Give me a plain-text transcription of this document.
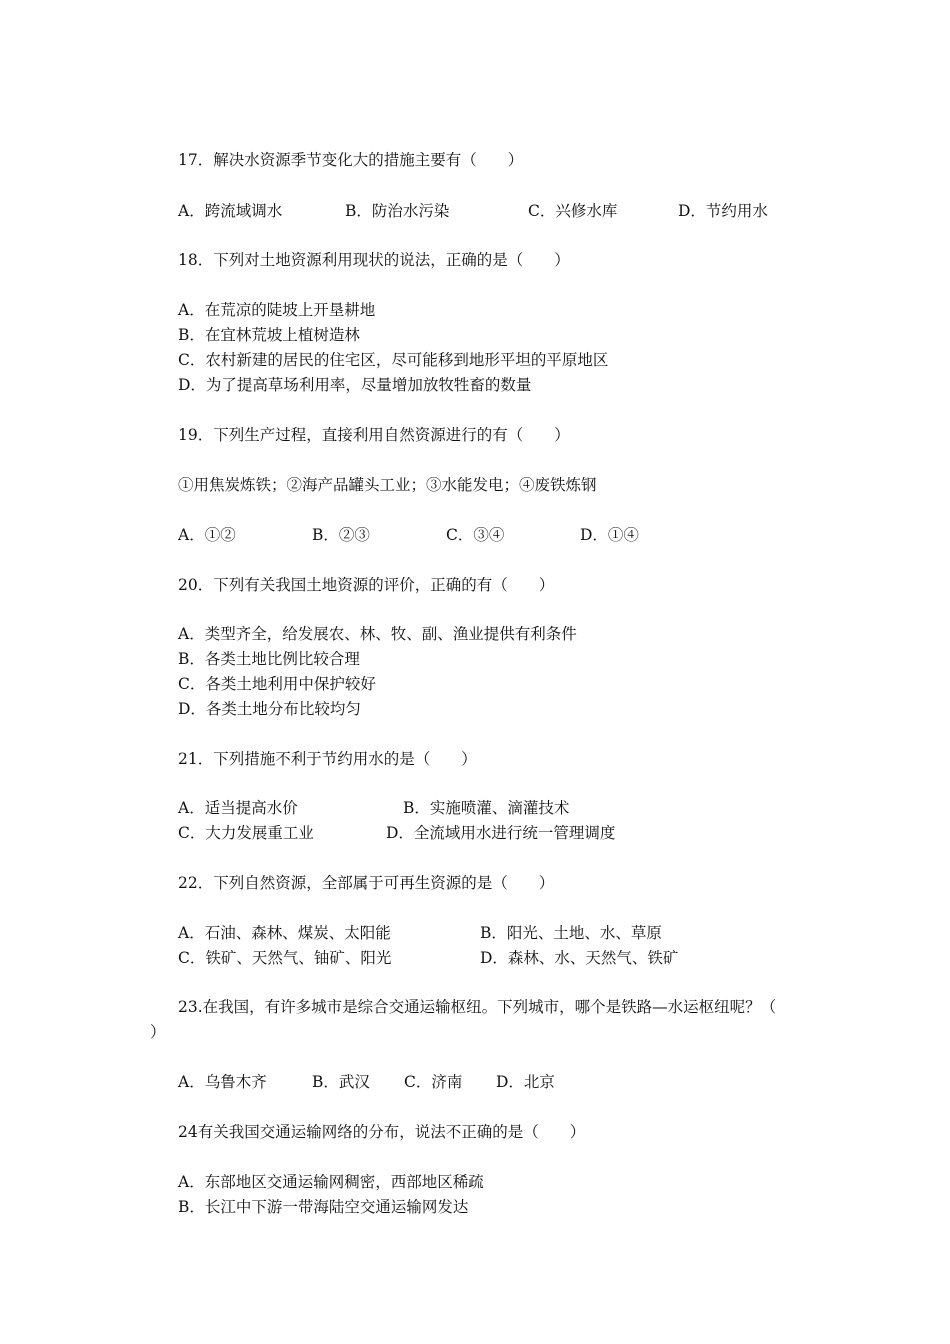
17．解决水资源季节变化大的措施主要有（　　）
A．跨流域调水	B．防治水污染	C．兴修水库	D．节约用水
18．下列对土地资源利用现状的说法，正确的是（　　）
A．在荒凉的陡坡上开垦耕地
B．在宜林荒坡上植树造林
C．农村新建的居民的住宅区，尽可能移到地形平坦的平原地区
D．为了提高草场利用率，尽量增加放牧牲畜的数量
19．下列生产过程，直接利用自然资源进行的有（　　）
①用焦炭炼铁；②海产品罐头工业；③水能发电；④废铁炼钢
A．①②	B．②③	C．③④	D．①④
20．下列有关我国土地资源的评价，正确的有（　　）
A．类型齐全，给发展农、林、牧、副、渔业提供有利条件
B．各类土地比例比较合理
C．各类土地利用中保护较好
D．各类土地分布比较均匀
21．下列措施不利于节约用水的是（　　）
A．适当提高水价	B．实施喷灌、滴灌技术
C．大力发展重工业	D．全流域用水进行统一管理调度
22．下列自然资源，全部属于可再生资源的是（　　）
A．石油、森林、煤炭、太阳能	B．阳光、土地、水、草原
C．铁矿、天然气、铀矿、阳光	D．森林、水、天然气、铁矿
23.在我国，有许多城市是综合交通运输枢纽。下列城市，哪个是铁路—水运枢纽呢？（
）
A．乌鲁木齐	B．武汉 C．济南 D．北京
24有关我国交通运输网络的分布，说法不正确的是（　　）
A．东部地区交通运输网稠密，西部地区稀疏
B．长江中下游一带海陆空交通运输网发达
